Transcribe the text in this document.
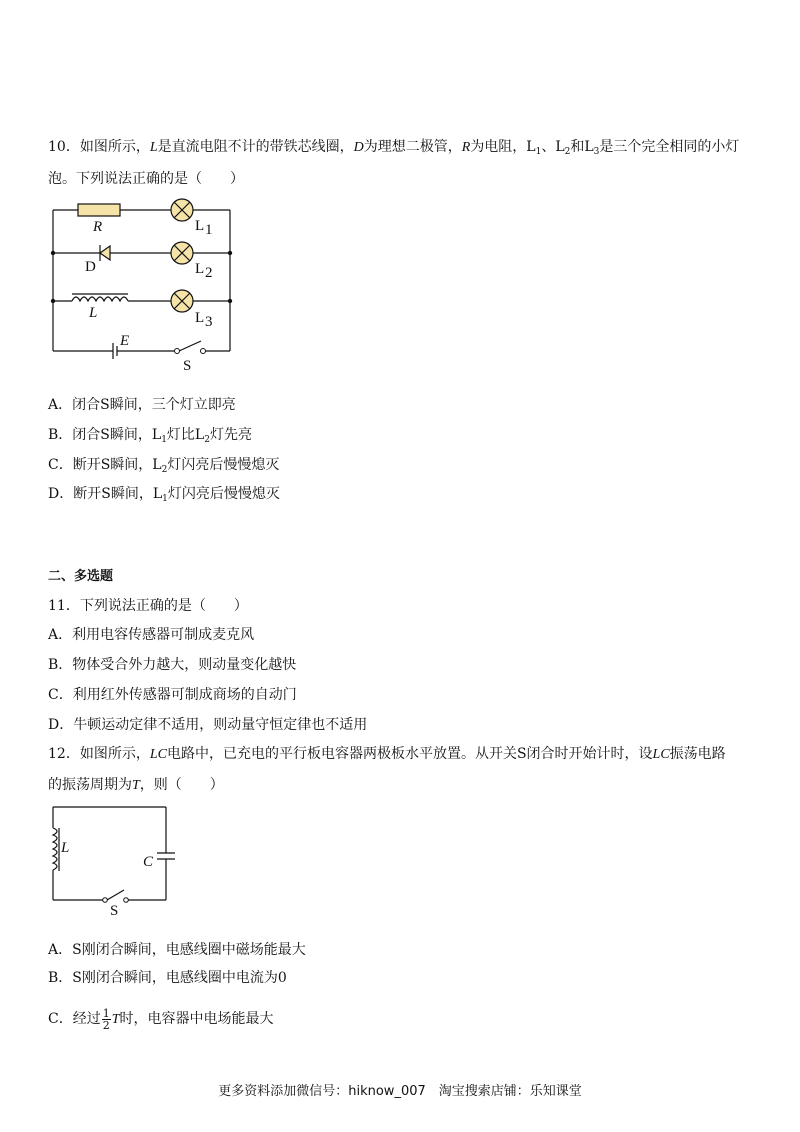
10．如图所示，L是直流电阻不计的带铁芯线圈，D为理想二极管，R为电阻，$L_1$、$L_2$和$L_3$是三个完全相同的小灯
泡。下列说法正确的是（　　）
R	L 1
D	L 2
L	L 3
E
S
A．闭合S瞬间，三个灯立即亮
B．闭合S瞬间，$L_1$灯比$L_2$灯先亮
C．断开S瞬间，$L_2$灯闪亮后慢慢熄灭
D．断开S瞬间，$L_1$灯闪亮后慢慢熄灭
二、多选题
11．下列说法正确的是（　　）
A．利用电容传感器可制成麦克风
B．物体受合外力越大，则动量变化越快
C．利用红外传感器可制成商场的自动门
D．牛顿运动定律不适用，则动量守恒定律也不适用
12．如图所示，LC电路中，已充电的平行板电容器两极板水平放置。从开关S闭合时开始计时，设LC振荡电路
的振荡周期为T，则（　　）
L
C
S
A．S刚闭合瞬间，电感线圈中磁场能最大
B．S刚闭合瞬间，电感线圈中电流为0
C．经过 $\frac{1}{2}$ T时，电容器中电场能最大
更多资料添加微信号：hiknow_007　淘宝搜索店铺：乐知课堂
